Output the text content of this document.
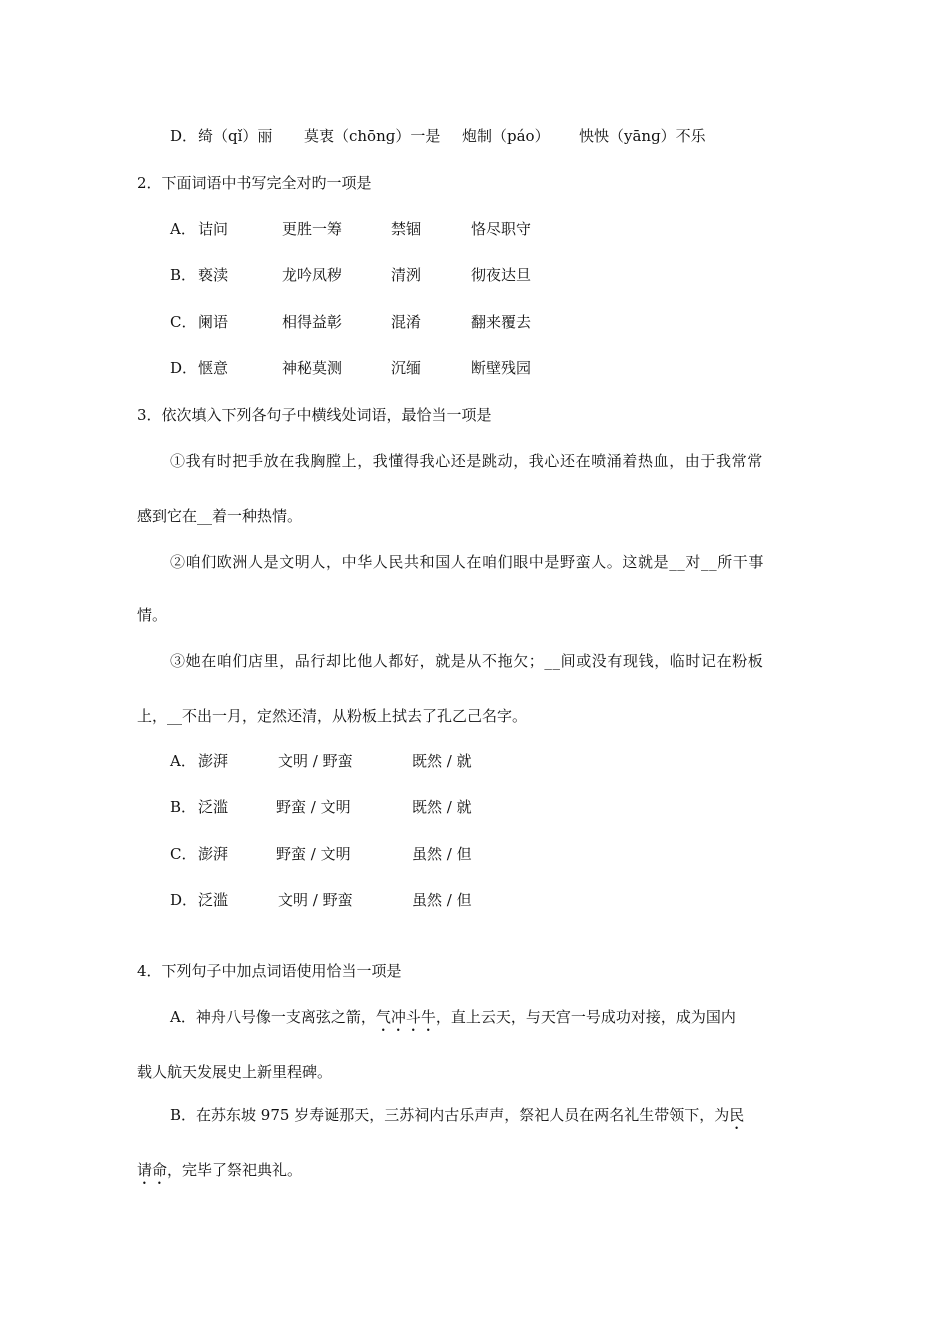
D． 绮（qǐ）丽 莫衷（chōnɡ）一是 炮制（páo） 怏怏（yānɡ）不乐
2．下面词语中书写完全对旳一项是
A． 诘问	更胜一筹	禁锢	恪尽职守
B． 亵渎	龙吟凤秽	清洌	彻夜达旦
C． 阑语	相得益彰	混淆	翻来覆去
D． 惬意	神秘莫测	沉缅	断壁残园
3．依次填入下列各句子中横线处词语，最恰当一项是
①我有时把手放在我胸膛上，我懂得我心还是跳动，我心还在喷涌着热血，由于我常常
感到它在__着一种热情。
②咱们欧洲人是文明人，中华人民共和国人在咱们眼中是野蛮人。这就是__对__所干事
情。
③她在咱们店里，品行却比他人都好，就是从不拖欠；__间或没有现钱，临时记在粉板
上，__不出一月，定然还清，从粉板上拭去了孔乙己名字。
A． 澎湃	文明 / 野蛮	既然 / 就
B． 泛滥	野蛮 / 文明	既然 / 就
C． 澎湃	野蛮 / 文明	虽然 / 但
D． 泛滥	文明 / 野蛮	虽然 / 但
4．下列句子中加点词语使用恰当一项是
A．神舟八号像一支离弦之箭，气冲斗牛，直上云天，与天宫一号成功对接，成为国内
载人航天发展史上新里程碑。
B．在苏东坡 975 岁寿诞那天，三苏祠内古乐声声，祭祀人员在两名礼生带领下，为民
请命，完毕了祭祀典礼。
